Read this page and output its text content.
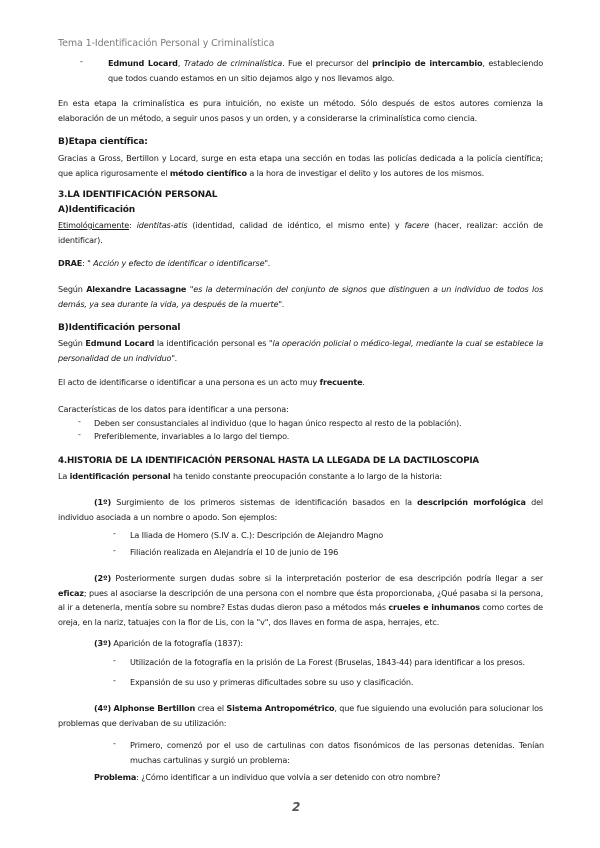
Tema 1-Identificación Personal y Criminalística
-	Edmund Locard, Tratado de criminalística. Fue el precursor del principio de intercambio, estableciendo que todos cuando estamos en un sitio dejamos algo y nos llevamos algo.
En esta etapa la criminalística es pura intuición, no existe un método. Sólo después de estos autores comienza la elaboración de un método, a seguir unos pasos y un orden, y a considerarse la criminalística como ciencia.
B)Etapa científica:
Gracias a Gross, Bertillon y Locard, surge en esta etapa una sección en todas las policías dedicada a la policía científica; que aplica rigurosamente el método científico a la hora de investigar el delito y los autores de los mismos.
3.LA IDENTIFICACIÓN PERSONAL
A)Identificación
Etimológicamente: identitas-atis (identidad, calidad de idéntico, el mismo ente) y facere (hacer, realizar: acción de identificar).
DRAE: " Acción y efecto de identificar o identificarse".
Según Alexandre Lacassagne "es la determinación del conjunto de signos que distinguen a un individuo de todos los demás, ya sea durante la vida, ya después de la muerte".
B)Identificación personal
Según Edmund Locard la identificación personal es "la operación policial o médico-legal, mediante la cual se establece la personalidad de un individuo".
El acto de identificarse o identificar a una persona es un acto muy frecuente.
Características de los datos para identificar a una persona:
- Deben ser consustanciales al individuo (que lo hagan único respecto al resto de la población).
- Preferiblemente, invariables a lo largo del tiempo.
4.HISTORIA DE LA IDENTIFICACIÓN PERSONAL HASTA LA LLEGADA DE LA DACTILOSCOPIA
La identificación personal ha tenido constante preocupación constante a lo largo de la historia:
(1º) Surgimiento de los primeros sistemas de identificación basados en la descripción morfológica del individuo asociada a un nombre o apodo. Son ejemplos:
- La Iliada de Homero (S.IV a. C.): Descripción de Alejandro Magno
- Filiación realizada en Alejandría el 10 de junio de 196
(2º) Posteriormente surgen dudas sobre si la interpretación posterior de esa descripción podría llegar a ser eficaz; pues al asociarse la descripción de una persona con el nombre que ésta proporcionaba, ¿Qué pasaba si la persona, al ir a detenerla, mentía sobre su nombre? Estas dudas dieron paso a métodos más crueles e inhumanos como cortes de oreja, en la nariz, tatuajes con la flor de Lis, con la "v", dos llaves en forma de aspa, herrajes, etc.
(3º) Aparición de la fotografía (1837):
- Utilización de la fotografía en la prisión de La Forest (Bruselas, 1843-44) para identificar a los presos.
- Expansión de su uso y primeras dificultades sobre su uso y clasificación.
(4º) Alphonse Bertillon crea el Sistema Antropométrico, que fue siguiendo una evolución para solucionar los problemas que derivaban de su utilización:
- Primero, comenzó por el uso de cartulinas con datos fisonómicos de las personas detenidas. Tenían muchas cartulinas y surgió un problema:
Problema: ¿Cómo identificar a un individuo que volvía a ser detenido con otro nombre?
2
